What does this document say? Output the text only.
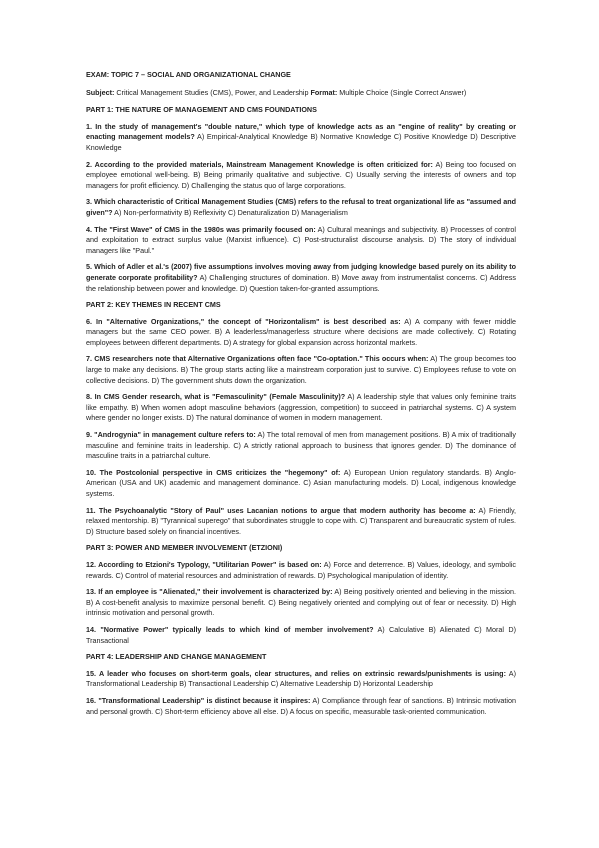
EXAM: TOPIC 7 – SOCIAL AND ORGANIZATIONAL CHANGE

Subject: Critical Management Studies (CMS), Power, and Leadership Format: Multiple Choice (Single Correct Answer)

PART 1: THE NATURE OF MANAGEMENT AND CMS FOUNDATIONS

1. In the study of management's "double nature," which type of knowledge acts as an "engine of reality" by creating or enacting management models? A) Empirical-Analytical Knowledge B) Normative Knowledge C) Positive Knowledge D) Descriptive Knowledge

2. According to the provided materials, Mainstream Management Knowledge is often criticized for: A) Being too focused on employee emotional well-being. B) Being primarily qualitative and subjective. C) Usually serving the interests of owners and top managers for profit efficiency. D) Challenging the status quo of large corporations.

3. Which characteristic of Critical Management Studies (CMS) refers to the refusal to treat organizational life as "assumed and given"? A) Non-performativity B) Reflexivity C) Denaturalization D) Managerialism

4. The "First Wave" of CMS in the 1980s was primarily focused on: A) Cultural meanings and subjectivity. B) Processes of control and exploitation to extract surplus value (Marxist influence). C) Post-structuralist discourse analysis. D) The story of individual managers like "Paul."

5. Which of Adler et al.'s (2007) five assumptions involves moving away from judging knowledge based purely on its ability to generate corporate profitability? A) Challenging structures of domination. B) Move away from instrumentalist concerns. C) Address the relationship between power and knowledge. D) Question taken-for-granted assumptions.

PART 2: KEY THEMES IN RECENT CMS

6. In "Alternative Organizations," the concept of "Horizontalism" is best described as: A) A company with fewer middle managers but the same CEO power. B) A leaderless/managerless structure where decisions are made collectively. C) Rotating employees between different departments. D) A strategy for global expansion across horizontal markets.

7. CMS researchers note that Alternative Organizations often face "Co-optation." This occurs when: A) The group becomes too large to make any decisions. B) The group starts acting like a mainstream corporation just to survive. C) Employees refuse to vote on collective decisions. D) The government shuts down the organization.

8. In CMS Gender research, what is "Femasculinity" (Female Masculinity)? A) A leadership style that values only feminine traits like empathy. B) When women adopt masculine behaviors (aggression, competition) to succeed in patriarchal systems. C) A system where gender no longer exists. D) The natural dominance of women in modern management.

9. "Androgynia" in management culture refers to: A) The total removal of men from management positions. B) A mix of traditionally masculine and feminine traits in leadership. C) A strictly rational approach to business that ignores gender. D) The dominance of masculine traits in a patriarchal culture.

10. The Postcolonial perspective in CMS criticizes the "hegemony" of: A) European Union regulatory standards. B) Anglo-American (USA and UK) academic and management dominance. C) Asian manufacturing models. D) Local, indigenous knowledge systems.

11. The Psychoanalytic "Story of Paul" uses Lacanian notions to argue that modern authority has become a: A) Friendly, relaxed mentorship. B) "Tyrannical superego" that subordinates struggle to cope with. C) Transparent and bureaucratic system of rules. D) Structure based solely on financial incentives.

PART 3: POWER AND MEMBER INVOLVEMENT (ETZIONI)

12. According to Etzioni's Typology, "Utilitarian Power" is based on: A) Force and deterrence. B) Values, ideology, and symbolic rewards. C) Control of material resources and administration of rewards. D) Psychological manipulation of identity.

13. If an employee is "Alienated," their involvement is characterized by: A) Being positively oriented and believing in the mission. B) A cost-benefit analysis to maximize personal benefit. C) Being negatively oriented and complying out of fear or necessity. D) High intrinsic motivation and personal growth.

14. "Normative Power" typically leads to which kind of member involvement? A) Calculative B) Alienated C) Moral D) Transactional

PART 4: LEADERSHIP AND CHANGE MANAGEMENT

15. A leader who focuses on short-term goals, clear structures, and relies on extrinsic rewards/punishments is using: A) Transformational Leadership B) Transactional Leadership C) Alternative Leadership D) Horizontal Leadership

16. "Transformational Leadership" is distinct because it inspires: A) Compliance through fear of sanctions. B) Intrinsic motivation and personal growth. C) Short-term efficiency above all else. D) A focus on specific, measurable task-oriented communication.
